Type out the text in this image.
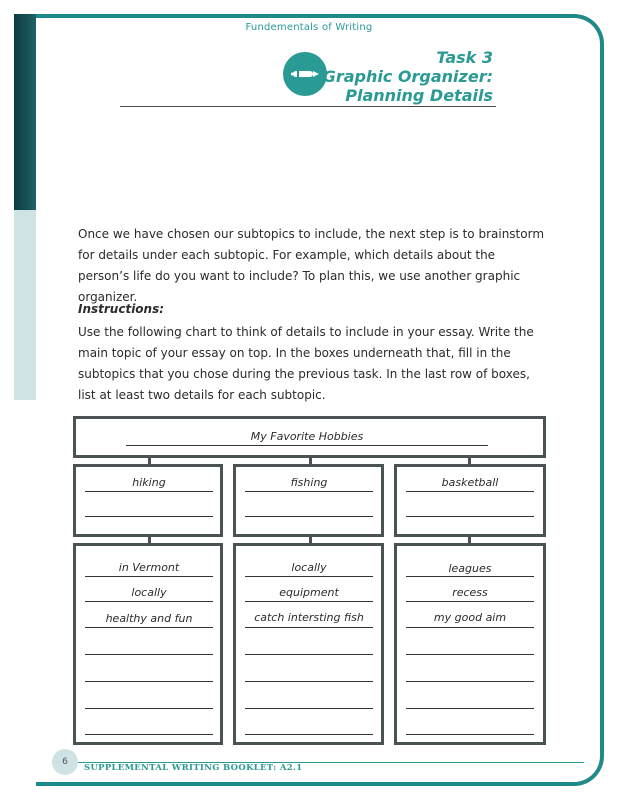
Fundementals of Writing
Task 3
Graphic Organizer:
Planning Details
Once we have chosen our subtopics to include, the next step is to brainstorm for details under each subtopic. For example, which details about the person’s life do you want to include? To plan this, we use another graphic organizer.
Instructions:
Use the following chart to think of details to include in your essay. Write the main topic of your essay on top. In the boxes underneath that, fill in the subtopics that you chose during the previous task. In the last row of boxes, list at least two details for each subtopic.
My Favorite Hobbies
hiking	fishing	basketball
in Vermont
locally
healthy and fun
locally
equipment
catch intersting fish
leagues
recess
my good aim
6
SUPPLEMENTAL WRITING BOOKLET: A2.1
